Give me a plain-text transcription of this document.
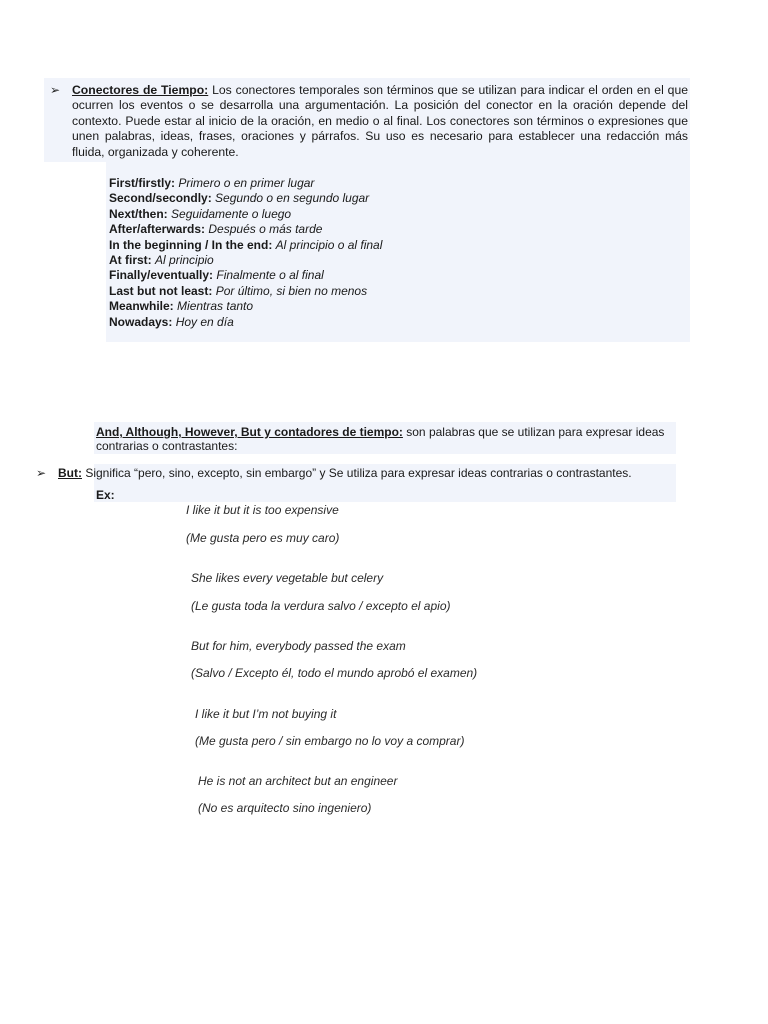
➢ Conectores de Tiempo: Los conectores temporales son términos que se utilizan para indicar el orden en el que ocurren los eventos o se desarrolla una argumentación. La posición del conector en la oración depende del contexto. Puede estar al inicio de la oración, en medio o al final. Los conectores son términos o expresiones que unen palabras, ideas, frases, oraciones y párrafos. Su uso es necesario para establecer una redacción más fluida, organizada y coherente.

First/firstly: Primero o en primer lugar
Second/secondly: Segundo o en segundo lugar
Next/then: Seguidamente o luego
After/afterwards: Después o más tarde
In the beginning / In the end: Al principio o al final
At first: Al principio
Finally/eventually: Finalmente o al final
Last but not least: Por último, si bien no menos
Meanwhile: Mientras tanto
Nowadays: Hoy en día

And, Although, However, But y contadores de tiempo: son palabras que se utilizan para expresar ideas contrarias o contrastantes:

➢ But: Significa “pero, sino, excepto, sin embargo” y Se utiliza para expresar ideas contrarias o contrastantes.

Ex:
I like it but it is too expensive
(Me gusta pero es muy caro)
She likes every vegetable but celery
(Le gusta toda la verdura salvo / excepto el apio)
But for him, everybody passed the exam
(Salvo / Excepto él, todo el mundo aprobó el examen)
I like it but I’m not buying it
(Me gusta pero / sin embargo no lo voy a comprar)
He is not an architect but an engineer
(No es arquitecto sino ingeniero)
